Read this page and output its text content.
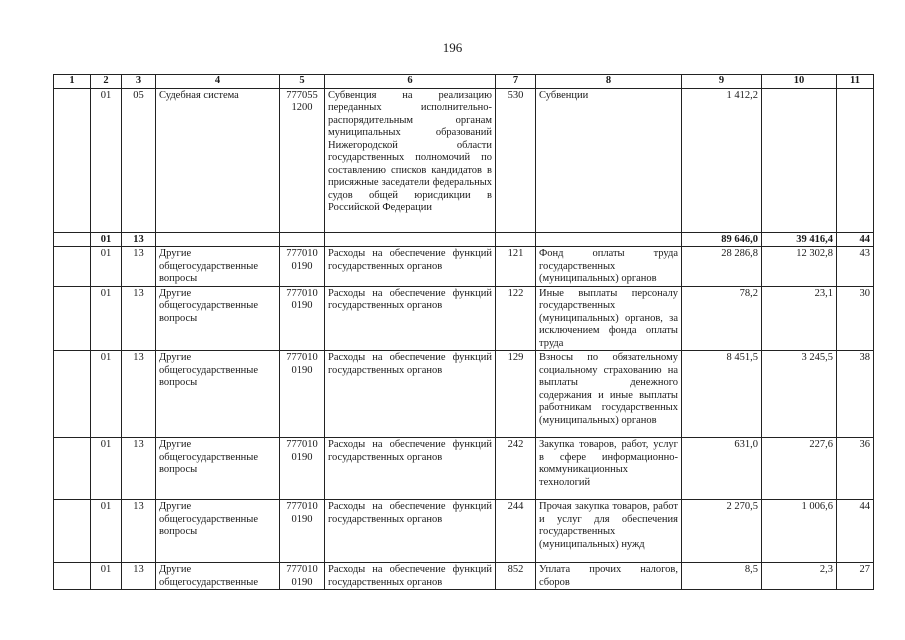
196
1	2	3	4	5	6	7	8	9	10	11
	01	05	Судебная система	777055 1200	Субвенция на реализацию переданных исполнительно-распорядительным органам муниципальных образований Нижегородской области государственных полномочий по составлению списков кандидатов в присяжные заседатели федеральных судов общей юрисдикции в Российской Федерации	530	Субвенции	1 412,2		
	01	13						89 646,0	39 416,4	44
	01	13	Другие общегосударственные вопросы	777010 0190	Расходы на обеспечение функций государственных органов	121	Фонд оплаты труда государственных (муниципальных) органов	28 286,8	12 302,8	43
	01	13	Другие общегосударственные вопросы	777010 0190	Расходы на обеспечение функций государственных органов	122	Иные выплаты персоналу государственных (муниципальных) органов, за исключением фонда оплаты труда	78,2	23,1	30
	01	13	Другие общегосударственные вопросы	777010 0190	Расходы на обеспечение функций государственных органов	129	Взносы по обязательному социальному страхованию на выплаты денежного содержания и иные выплаты работникам государственных (муниципальных) органов	8 451,5	3 245,5	38
	01	13	Другие общегосударственные вопросы	777010 0190	Расходы на обеспечение функций государственных органов	242	Закупка товаров, работ, услуг в сфере информационно-коммуникационных технологий	631,0	227,6	36
	01	13	Другие общегосударственные вопросы	777010 0190	Расходы на обеспечение функций государственных органов	244	Прочая закупка товаров, работ и услуг для обеспечения государственных (муниципальных) нужд	2 270,5	1 006,6	44
	01	13	Другие общегосударственные	777010 0190	Расходы на обеспечение функций государственных органов	852	Уплата прочих налогов, сборов	8,5	2,3	27
